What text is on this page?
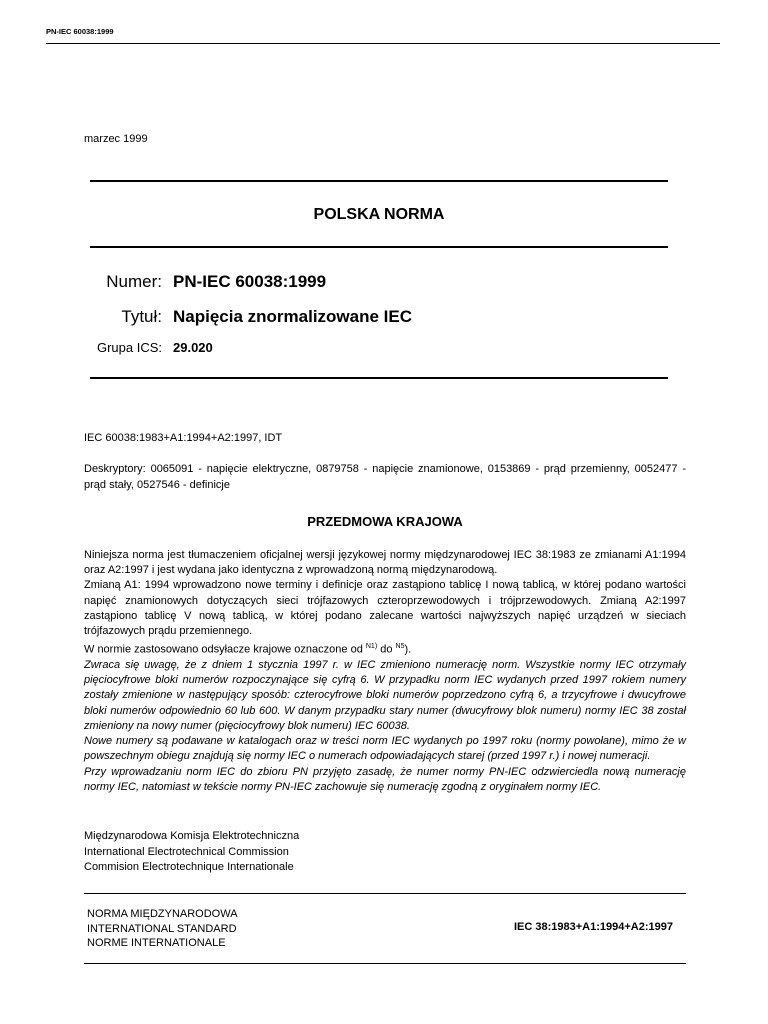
PN-IEC 60038:1999
marzec 1999
POLSKA NORMA
Numer: PN-IEC 60038:1999
Tytuł: Napięcia znormalizowane IEC
Grupa ICS: 29.020
IEC 60038:1983+A1:1994+A2:1997, IDT

Deskryptory: 0065091 - napięcie elektryczne, 0879758 - napięcie znamionowe, 0153869 - prąd przemienny, 0052477 - prąd stały, 0527546 - definicje

PRZEDMOWA KRAJOWA

Niniejsza norma jest tłumaczeniem oficjalnej wersji językowej normy międzynarodowej IEC 38:1983 ze zmianami A1:1994 oraz A2:1997 i jest wydana jako identyczna z wprowadzoną normą międzynarodową.

Zmianą A1: 1994 wprowadzono nowe terminy i definicje oraz zastąpiono tablicę I nową tablicą, w której podano wartości napięć znamionowych dotyczących sieci trójfazowych czteroprzewodowych i trójprzewodowych. Zmianą A2:1997 zastąpiono tablicę V nową tablicą, w której podano zalecane wartości najwyższych napięć urządzeń w sieciach trójfazowych prądu przemiennego.

W normie zastosowano odsyłacze krajowe oznaczone od $^{N1)}$ do $^{N5}$).

Zwraca się uwagę, że z dniem 1 stycznia 1997 r. w IEC zmieniono numerację norm. Wszystkie normy IEC otrzymały pięciocyfrowe bloki numerów rozpoczynające się cyfrą 6. W przypadku norm IEC wydanych przed 1997 rokiem numery zostały zmienione w następujący sposób: czterocyfrowe bloki numerów poprzedzono cyfrą 6, a trzycyfrowe i dwucyfrowe bloki numerów odpowiednio 60 lub 600. W danym przypadku stary numer (dwucyfrowy blok numeru) normy IEC 38 został zmieniony na nowy numer (pięciocyfrowy blok numeru) IEC 60038.

Nowe numery są podawane w katalogach oraz w treści norm IEC wydanych po 1997 roku (normy powołane), mimo że w powszechnym obiegu znajdują się normy IEC o numerach odpowiadających starej (przed 1997 r.) i nowej numeracji.

Przy wprowadzaniu norm IEC do zbioru PN przyjęto zasadę, że numer normy PN-IEC odzwierciedla nową numerację normy IEC, natomiast w tekście normy PN-IEC zachowuje się numerację zgodną z oryginałem normy IEC.

Międzynarodowa Komisja Elektrotechniczna
International Electrotechnical Commission
Commision Electrotechnique Internationale
NORMA MIĘDZYNARODOWA
INTERNATIONAL STANDARD
NORME INTERNATIONALE
IEC 38:1983+A1:1994+A2:1997
